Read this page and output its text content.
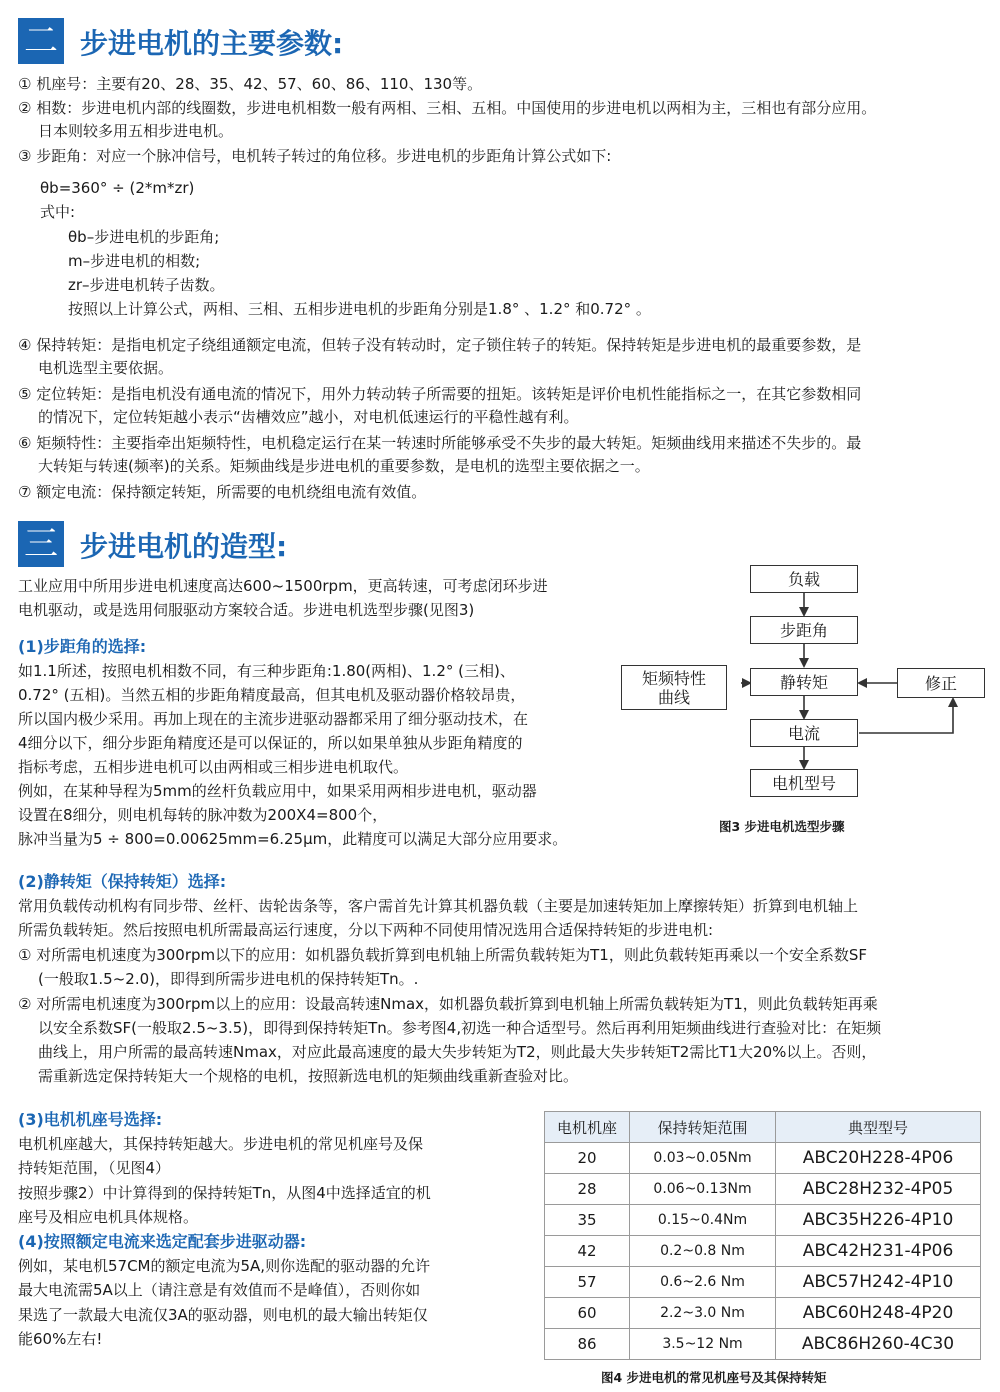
二 步进电机的主要参数:
① 机座号：主要有20、28、35、42、57、60、86、110、130等。
② 相数：步进电机内部的线圈数，步进电机相数一般有两相、三相、五相。中国使用的步进电机以两相为主，三相也有部分应用。
日本则较多用五相步进电机。
③ 步距角：对应一个脉冲信号，电机转子转过的角位移。步进电机的步距角计算公式如下:
θb=360° ÷ (2*m*zr)
式中:
θb–步进电机的步距角;
m–步进电机的相数;
zr–步进电机转子齿数。
按照以上计算公式，两相、三相、五相步进电机的步距角分别是1.8° 、1.2° 和0.72° 。
④ 保持转矩：是指电机定子绕组通额定电流，但转子没有转动时，定子锁住转子的转矩。保持转矩是步进电机的最重要参数，是
电机选型主要依据。
⑤ 定位转矩：是指电机没有通电流的情况下，用外力转动转子所需要的扭矩。该转矩是评价电机性能指标之一，在其它参数相同
的情况下，定位转矩越小表示“齿槽效应”越小，对电机低速运行的平稳性越有利。
⑥ 矩频特性：主要指牵出矩频特性，电机稳定运行在某一转速时所能够承受不失步的最大转矩。矩频曲线用来描述不失步的。最
大转矩与转速(频率)的关系。矩频曲线是步进电机的重要参数，是电机的选型主要依据之一。
⑦ 额定电流：保持额定转矩，所需要的电机绕组电流有效值。
三 步进电机的造型:
工业应用中所用步进电机速度高达600~1500rpm，更高转速，可考虑闭环步进
电机驱动，或是选用伺服驱动方案较合适。步进电机选型步骤(见图3)
(1)步距角的选择:
如1.1所述，按照电机相数不同，有三种步距角:1.80(两相)、1.2° (三相)、
0.72° (五相)。当然五相的步距角精度最高，但其电机及驱动器价格较昂贵，
所以国内极少采用。再加上现在的主流步进驱动器都采用了细分驱动技术，在
4细分以下，细分步距角精度还是可以保证的，所以如果单独从步距角精度的
指标考虑，五相步进电机可以由两相或三相步进电机取代。
例如，在某种导程为5mm的丝杆负载应用中，如果采用两相步进电机，驱动器
设置在8细分，则电机每转的脉冲数为200X4=800个，
脉冲当量为5 ÷ 800=0.00625mm=6.25μm，此精度可以满足大部分应用要求。
(2)静转矩（保持转矩）选择:
常用负载传动机构有同步带、丝杆、齿轮齿条等，客户需首先计算其机器负载（主要是加速转矩加上摩擦转矩）折算到电机轴上
所需负载转矩。然后按照电机所需最高运行速度，分以下两种不同使用情况选用合适保持转矩的步进电机:
① 对所需电机速度为300rpm以下的应用：如机器负载折算到电机轴上所需负载转矩为T1，则此负载转矩再乘以一个安全系数SF
(一般取1.5~2.0)，即得到所需步进电机的保持转矩Tn。.
② 对所需电机速度为300rpm以上的应用：设最高转速Nmax，如机器负载折算到电机轴上所需负载转矩为T1，则此负载转矩再乘
以安全系数SF(一般取2.5~3.5)，即得到保持转矩Tn。参考图4,初选一种合适型号。然后再利用矩频曲线进行查验对比：在矩频
曲线上，用户所需的最高转速Nmax，对应此最高速度的最大失步转矩为T2，则此最大失步转矩T2需比T1大20%以上。否则，
需重新选定保持转矩大一个规格的电机，按照新选电机的矩频曲线重新查验对比。
(3)电机机座号选择:
电机机座越大，其保持转矩越大。步进电机的常见机座号及保
持转矩范围，（见图4）
按照步骤2）中计算得到的保持转矩Tn，从图4中选择适宜的机
座号及相应电机具体规格。
(4)按照额定电流来选定配套步进驱动器:
例如，某电机57CM的额定电流为5A,则你选配的驱动器的允许
最大电流需5A以上（请注意是有效值而不是峰值），否则你如
果选了一款最大电流仅3A的驱动器，则电机的最大输出转矩仅
能60%左右!
负载
步距角
静转矩
电流
电机型号
矩频特性曲线
修正
图3 步进电机选型步骤
电机机座	保持转矩范围	典型型号
20	0.03~0.05Nm	ABC20H228-4P06
28	0.06~0.13Nm	ABC28H232-4P05
35	0.15~0.4Nm	ABC35H226-4P10
42	0.2~0.8 Nm	ABC42H231-4P06
57	0.6~2.6 Nm	ABC57H242-4P10
60	2.2~3.0 Nm	ABC60H248-4P20
86	3.5~12 Nm	ABC86H260-4C30
图4 步进电机的常见机座号及其保持转矩
